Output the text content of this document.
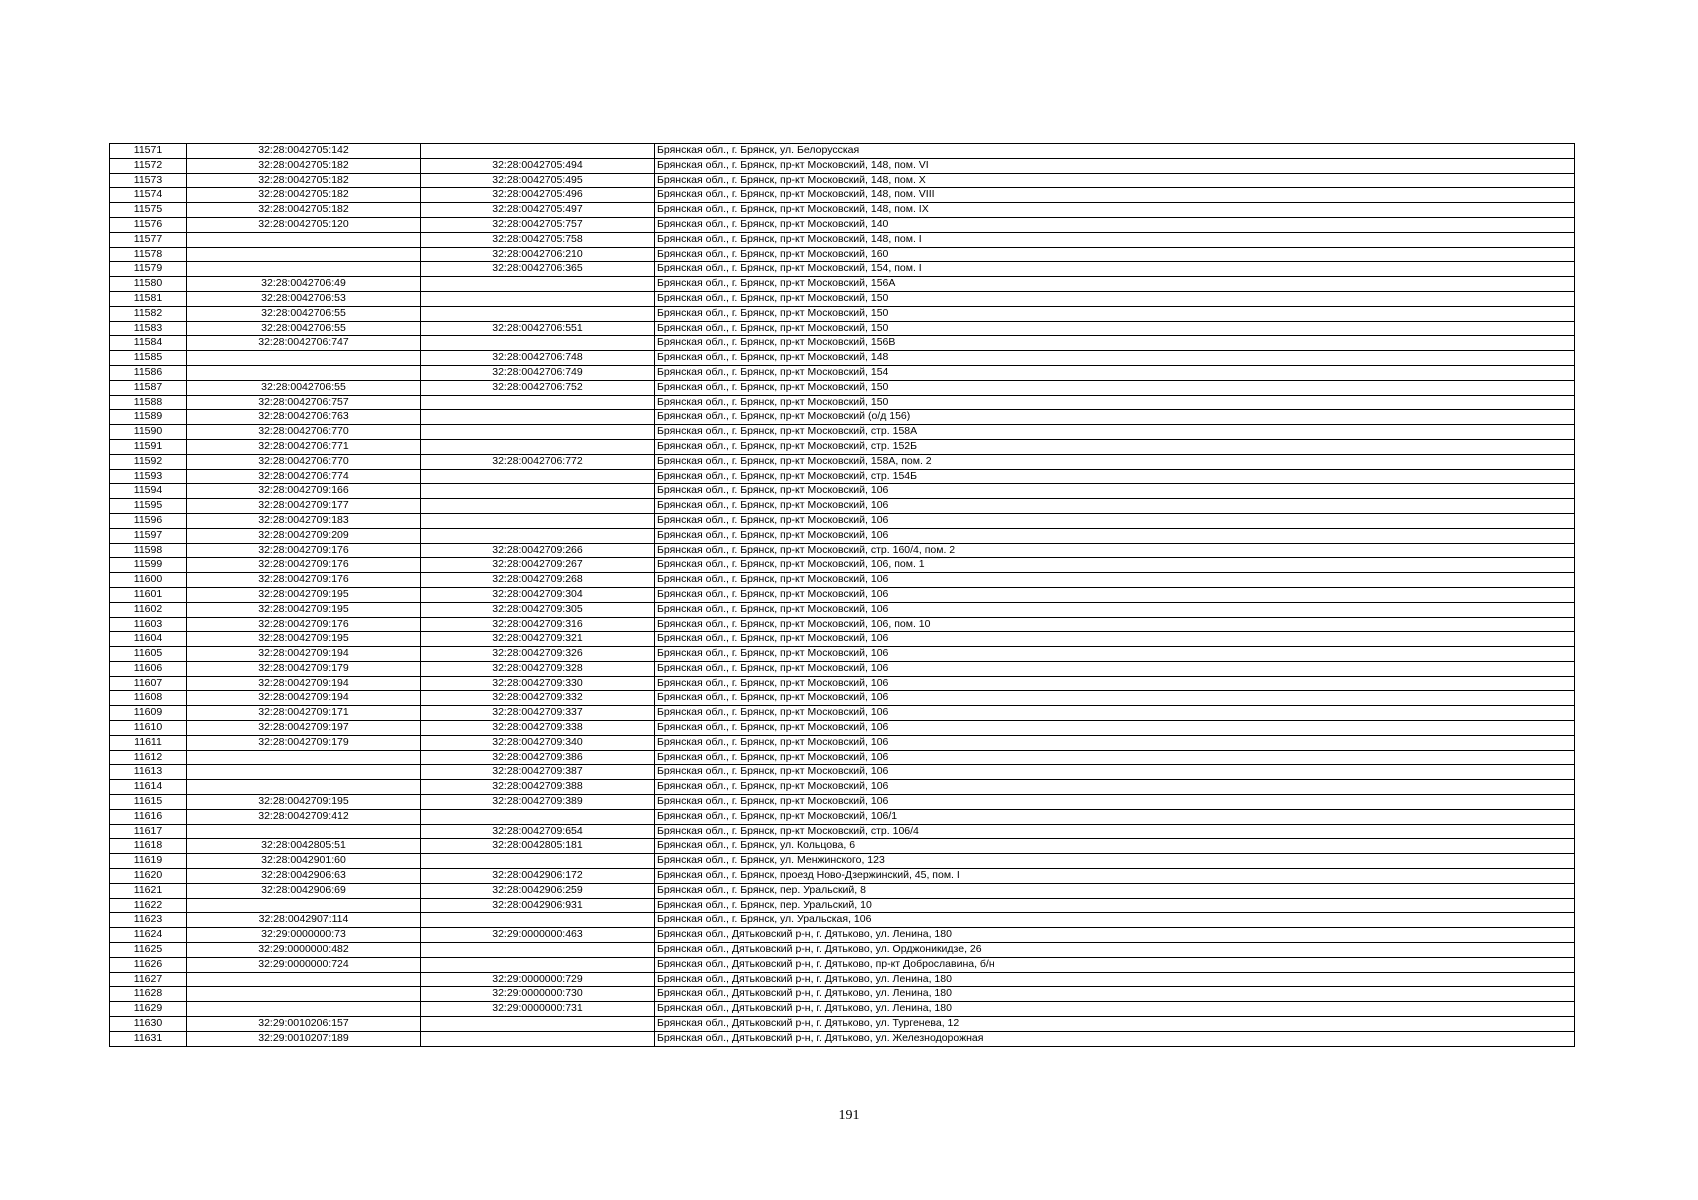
11571	32:28:0042705:142		Брянская обл., г. Брянск, ул. Белорусская
11572	32:28:0042705:182	32:28:0042705:494	Брянская обл., г. Брянск, пр-кт Московский, 148, пом. VI
11573	32:28:0042705:182	32:28:0042705:495	Брянская обл., г. Брянск, пр-кт Московский, 148, пом. X
11574	32:28:0042705:182	32:28:0042705:496	Брянская обл., г. Брянск, пр-кт Московский, 148, пом. VIII
11575	32:28:0042705:182	32:28:0042705:497	Брянская обл., г. Брянск, пр-кт Московский, 148, пом. IX
11576	32:28:0042705:120	32:28:0042705:757	Брянская обл., г. Брянск, пр-кт Московский, 140
11577		32:28:0042705:758	Брянская обл., г. Брянск, пр-кт Московский, 148, пом. I
11578		32:28:0042706:210	Брянская обл., г. Брянск, пр-кт Московский, 160
11579		32:28:0042706:365	Брянская обл., г. Брянск, пр-кт Московский, 154, пом. I
11580	32:28:0042706:49		Брянская обл., г. Брянск, пр-кт Московский, 156А
11581	32:28:0042706:53		Брянская обл., г. Брянск, пр-кт Московский, 150
11582	32:28:0042706:55		Брянская обл., г. Брянск, пр-кт Московский, 150
11583	32:28:0042706:55	32:28:0042706:551	Брянская обл., г. Брянск, пр-кт Московский, 150
11584	32:28:0042706:747		Брянская обл., г. Брянск, пр-кт Московский, 156В
11585		32:28:0042706:748	Брянская обл., г. Брянск, пр-кт Московский, 148
11586		32:28:0042706:749	Брянская обл., г. Брянск, пр-кт Московский, 154
11587	32:28:0042706:55	32:28:0042706:752	Брянская обл., г. Брянск, пр-кт Московский, 150
11588	32:28:0042706:757		Брянская обл., г. Брянск, пр-кт Московский, 150
11589	32:28:0042706:763		Брянская обл., г. Брянск, пр-кт Московский (о/д 156)
11590	32:28:0042706:770		Брянская обл., г. Брянск, пр-кт Московский, стр. 158А
11591	32:28:0042706:771		Брянская обл., г. Брянск, пр-кт Московский, стр. 152Б
11592	32:28:0042706:770	32:28:0042706:772	Брянская обл., г. Брянск, пр-кт Московский, 158А, пом. 2
11593	32:28:0042706:774		Брянская обл., г. Брянск, пр-кт Московский, стр. 154Б
11594	32:28:0042709:166		Брянская обл., г. Брянск, пр-кт Московский, 106
11595	32:28:0042709:177		Брянская обл., г. Брянск, пр-кт Московский, 106
11596	32:28:0042709:183		Брянская обл., г. Брянск, пр-кт Московский, 106
11597	32:28:0042709:209		Брянская обл., г. Брянск, пр-кт Московский, 106
11598	32:28:0042709:176	32:28:0042709:266	Брянская обл., г. Брянск, пр-кт Московский, стр. 160/4, пом. 2
11599	32:28:0042709:176	32:28:0042709:267	Брянская обл., г. Брянск, пр-кт Московский, 106, пом. 1
11600	32:28:0042709:176	32:28:0042709:268	Брянская обл., г. Брянск, пр-кт Московский, 106
11601	32:28:0042709:195	32:28:0042709:304	Брянская обл., г. Брянск, пр-кт Московский, 106
11602	32:28:0042709:195	32:28:0042709:305	Брянская обл., г. Брянск, пр-кт Московский, 106
11603	32:28:0042709:176	32:28:0042709:316	Брянская обл., г. Брянск, пр-кт Московский, 106, пом. 10
11604	32:28:0042709:195	32:28:0042709:321	Брянская обл., г. Брянск, пр-кт Московский, 106
11605	32:28:0042709:194	32:28:0042709:326	Брянская обл., г. Брянск, пр-кт Московский, 106
11606	32:28:0042709:179	32:28:0042709:328	Брянская обл., г. Брянск, пр-кт Московский, 106
11607	32:28:0042709:194	32:28:0042709:330	Брянская обл., г. Брянск, пр-кт Московский, 106
11608	32:28:0042709:194	32:28:0042709:332	Брянская обл., г. Брянск, пр-кт Московский, 106
11609	32:28:0042709:171	32:28:0042709:337	Брянская обл., г. Брянск, пр-кт Московский, 106
11610	32:28:0042709:197	32:28:0042709:338	Брянская обл., г. Брянск, пр-кт Московский, 106
11611	32:28:0042709:179	32:28:0042709:340	Брянская обл., г. Брянск, пр-кт Московский, 106
11612		32:28:0042709:386	Брянская обл., г. Брянск, пр-кт Московский, 106
11613		32:28:0042709:387	Брянская обл., г. Брянск, пр-кт Московский, 106
11614		32:28:0042709:388	Брянская обл., г. Брянск, пр-кт Московский, 106
11615	32:28:0042709:195	32:28:0042709:389	Брянская обл., г. Брянск, пр-кт Московский, 106
11616	32:28:0042709:412		Брянская обл., г. Брянск, пр-кт Московский, 106/1
11617		32:28:0042709:654	Брянская обл., г. Брянск, пр-кт Московский, стр. 106/4
11618	32:28:0042805:51	32:28:0042805:181	Брянская обл., г. Брянск, ул. Кольцова, 6
11619	32:28:0042901:60		Брянская обл., г. Брянск, ул. Менжинского, 123
11620	32:28:0042906:63	32:28:0042906:172	Брянская обл., г. Брянск, проезд Ново-Дзержинский, 45, пом. I
11621	32:28:0042906:69	32:28:0042906:259	Брянская обл., г. Брянск, пер. Уральский, 8
11622		32:28:0042906:931	Брянская обл., г. Брянск, пер. Уральский, 10
11623	32:28:0042907:114		Брянская обл., г. Брянск, ул. Уральская, 106
11624	32:29:0000000:73	32:29:0000000:463	Брянская обл., Дятьковский р-н, г. Дятьково, ул. Ленина, 180
11625	32:29:0000000:482		Брянская обл., Дятьковский р-н, г. Дятьково, ул. Орджоникидзе, 26
11626	32:29:0000000:724		Брянская обл., Дятьковский р-н, г. Дятьково, пр-кт Доброславина, б/н
11627		32:29:0000000:729	Брянская обл., Дятьковский р-н, г. Дятьково, ул. Ленина, 180
11628		32:29:0000000:730	Брянская обл., Дятьковский р-н, г. Дятьково, ул. Ленина, 180
11629		32:29:0000000:731	Брянская обл., Дятьковский р-н, г. Дятьково, ул. Ленина, 180
11630	32:29:0010206:157		Брянская обл., Дятьковский р-н, г. Дятьково, ул. Тургенева, 12
11631	32:29:0010207:189		Брянская обл., Дятьковский р-н, г. Дятьково, ул. Железнодорожная
191
